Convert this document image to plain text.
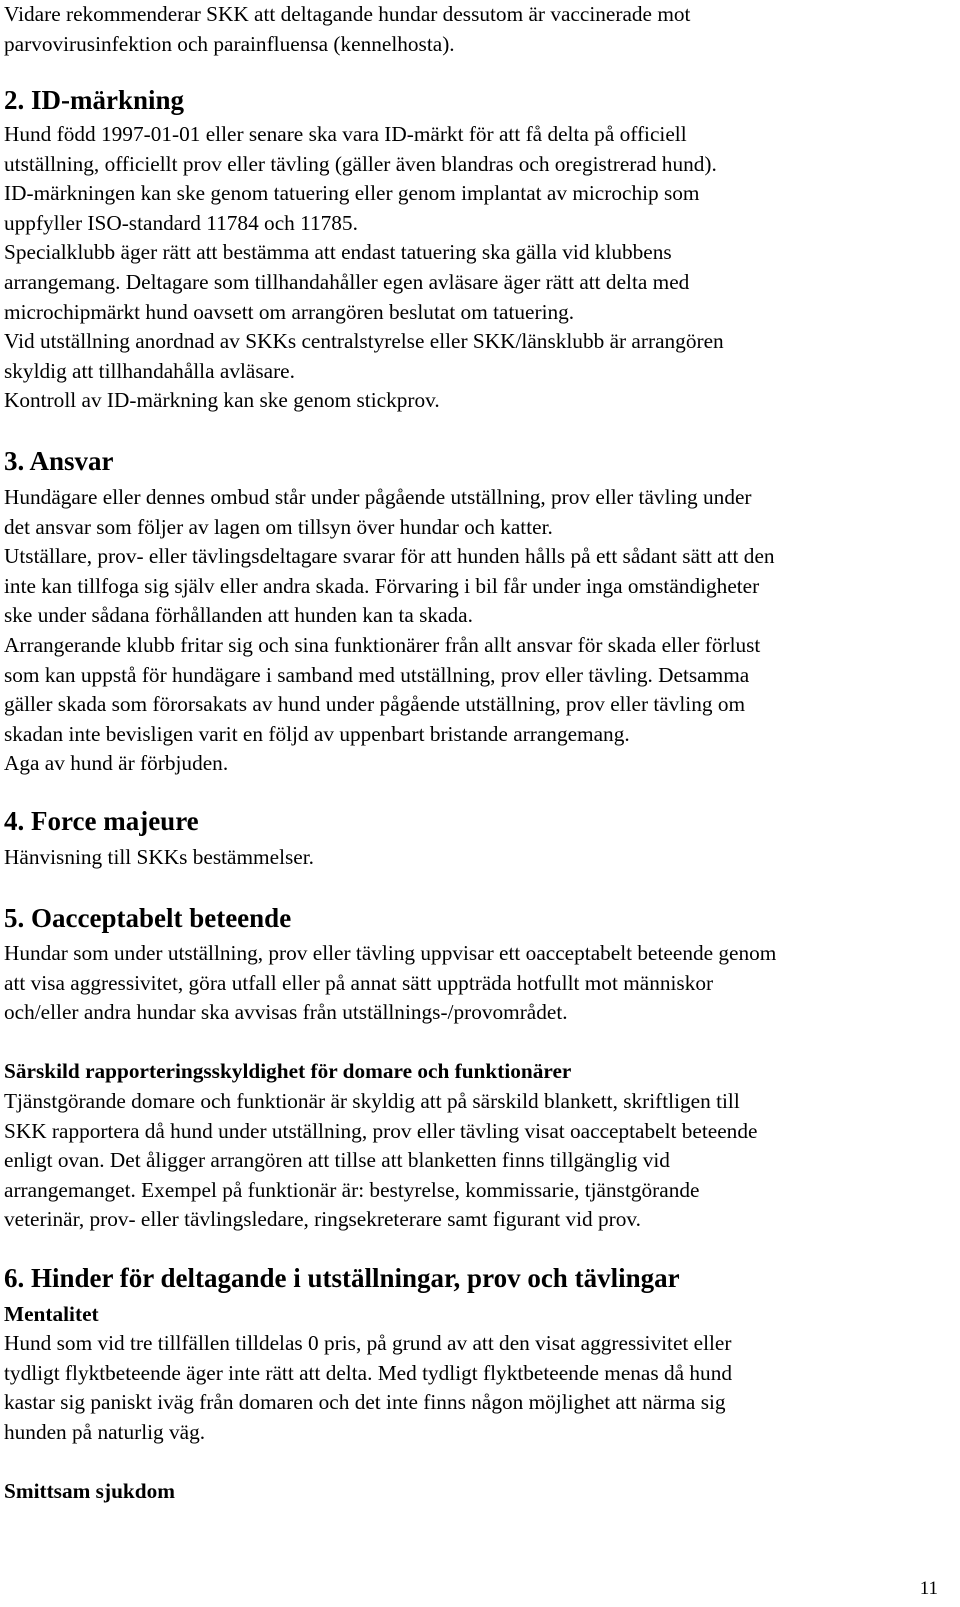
Vidare rekommenderar SKK att deltagande hundar dessutom är vaccinerade mot

parvovirusinfektion och parainfluensa (kennelhosta).

2. ID-märkning

Hund född 1997-01-01 eller senare ska vara ID-märkt för att få delta på officiell

utställning, officiellt prov eller tävling (gäller även blandras och oregistrerad hund).

ID-märkningen kan ske genom tatuering eller genom implantat av microchip som

uppfyller ISO-standard 11784 och 11785.

Specialklubb äger rätt att bestämma att endast tatuering ska gälla vid klubbens

arrangemang. Deltagare som tillhandahåller egen avläsare äger rätt att delta med

microchipmärkt hund oavsett om arrangören beslutat om tatuering.

Vid utställning anordnad av SKKs centralstyrelse eller SKK/länsklubb är arrangören

skyldig att tillhandahålla avläsare.

Kontroll av ID-märkning kan ske genom stickprov.

3. Ansvar

Hundägare eller dennes ombud står under pågående utställning, prov eller tävling under

det ansvar som följer av lagen om tillsyn över hundar och katter.

Utställare, prov- eller tävlingsdeltagare svarar för att hunden hålls på ett sådant sätt att den

inte kan tillfoga sig själv eller andra skada. Förvaring i bil får under inga omständigheter

ske under sådana förhållanden att hunden kan ta skada.

Arrangerande klubb fritar sig och sina funktionärer från allt ansvar för skada eller förlust

som kan uppstå för hundägare i samband med utställning, prov eller tävling. Detsamma

gäller skada som förorsakats av hund under pågående utställning, prov eller tävling om

skadan inte bevisligen varit en följd av uppenbart bristande arrangemang.

Aga av hund är förbjuden.

4. Force majeure

Hänvisning till SKKs bestämmelser.

5. Oacceptabelt beteende

Hundar som under utställning, prov eller tävling uppvisar ett oacceptabelt beteende genom

att visa aggressivitet, göra utfall eller på annat sätt uppträda hotfullt mot människor

och/eller andra hundar ska avvisas från utställnings-/provområdet.

Särskild rapporteringsskyldighet för domare och funktionärer

Tjänstgörande domare och funktionär är skyldig att på särskild blankett, skriftligen till

SKK rapportera då hund under utställning, prov eller tävling visat oacceptabelt beteende

enligt ovan. Det åligger arrangören att tillse att blanketten finns tillgänglig vid

arrangemanget. Exempel på funktionär är: bestyrelse, kommissarie, tjänstgörande

veterinär, prov- eller tävlingsledare, ringsekreterare samt figurant vid prov.

6. Hinder för deltagande i utställningar, prov och tävlingar

Mentalitet

Hund som vid tre tillfällen tilldelas 0 pris, på grund av att den visat aggressivitet eller

tydligt flyktbeteende äger inte rätt att delta. Med tydligt flyktbeteende menas då hund

kastar sig paniskt iväg från domaren och det inte finns någon möjlighet att närma sig

hunden på naturlig väg.

Smittsam sjukdom

11
